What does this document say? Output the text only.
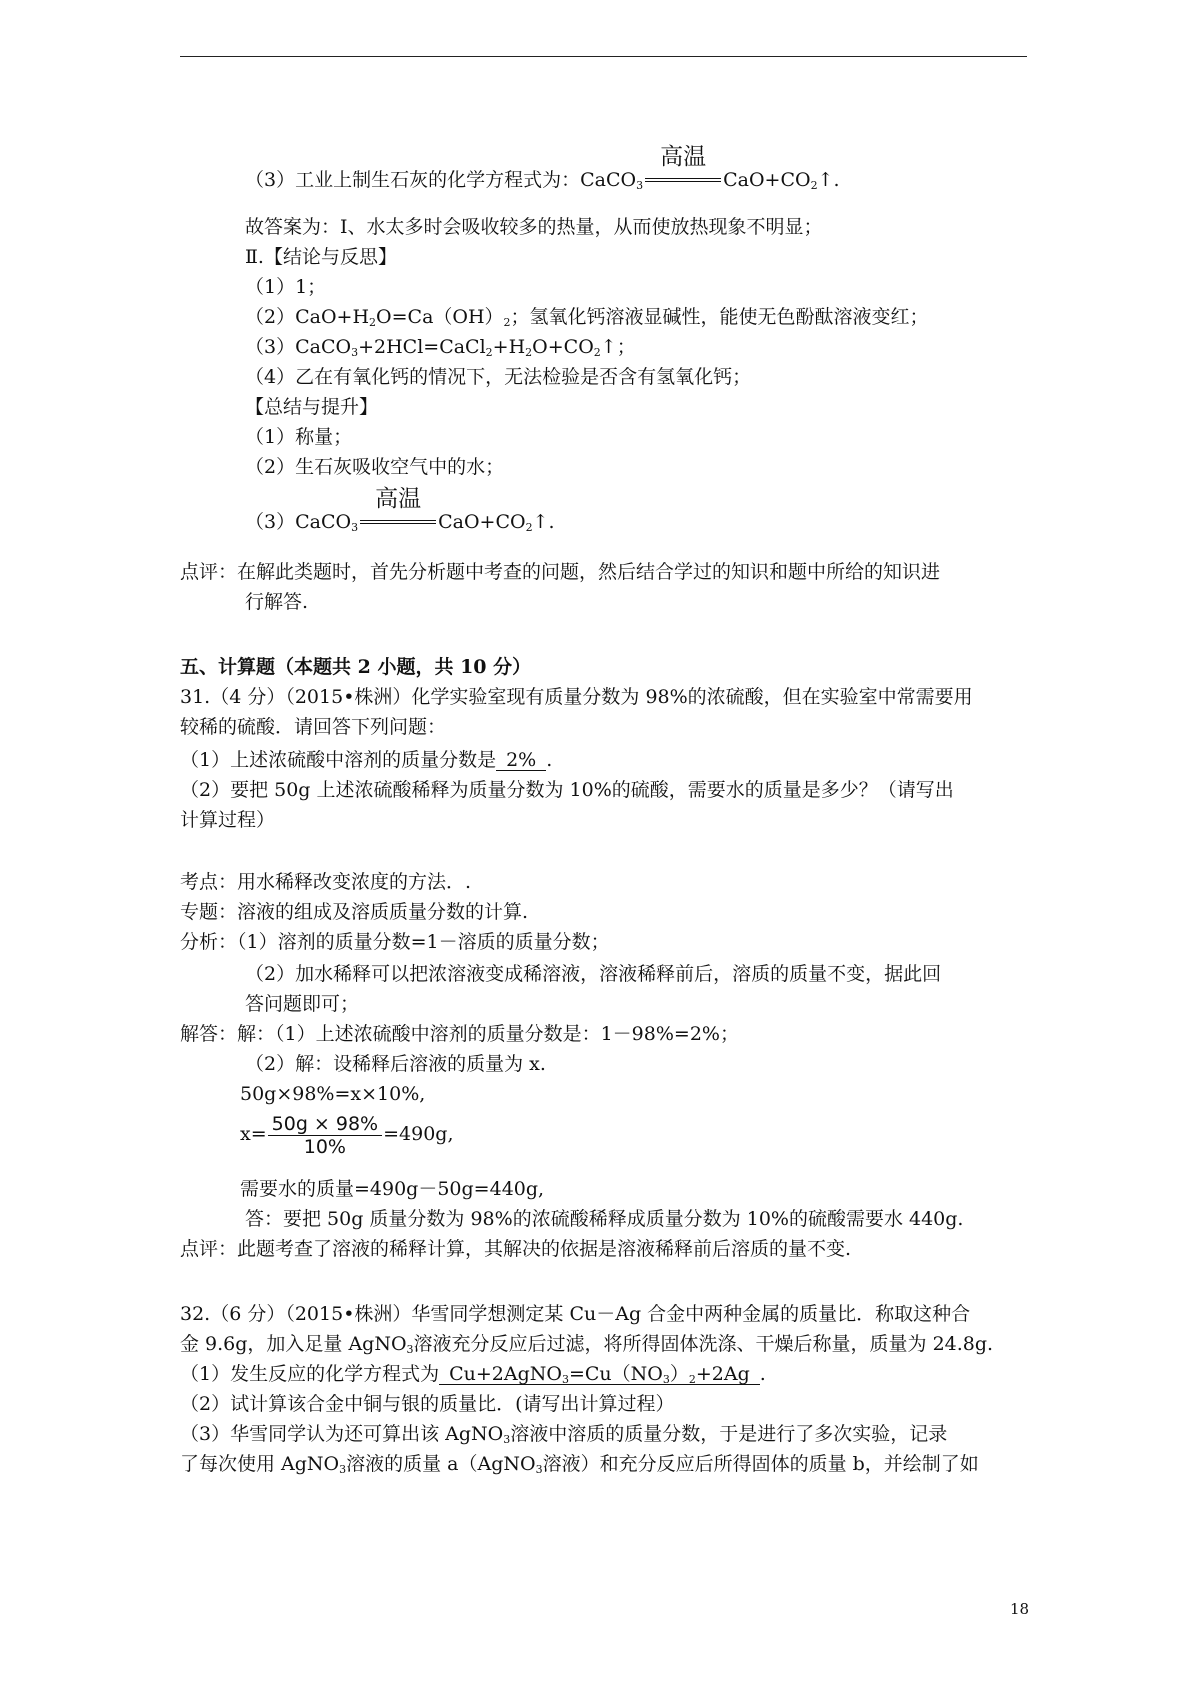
（3）工业上制生石灰的化学方程式为：CaCO$_3$
高温
$CaO+CO_2↑$.
故答案为：Ⅰ、水太多时会吸收较多的热量，从而使放热现象不明显；
Ⅱ.【结论与反思】
（1）1；
$(2)CaO+H_2O=Ca(OH)_2$；氢氧化钙溶液显碱性，能使无色酚酞溶液变红；
$(3)CaCO_3+2HCl=CaCl_2+H_2O+CO_2↑$；
（4）乙在有氧化钙的情况下，无法检验是否含有氢氧化钙；
【总结与提升】
（1）称量；
（2）生石灰吸收空气中的水；
（3）CaCO$_3$
高温
$CaO+CO_2↑$.
点评：在解此类题时，首先分析题中考查的问题，然后结合学过的知识和题中所给的知识进
行解答.
五、计算题（本题共 2 小题，共 10 分）
31.（4 分）（2015•株洲）化学实验室现有质量分数为 98%的浓硫酸，但在实验室中常需要用
较稀的硫酸．请回答下列问题：
（1）上述浓硫酸中溶剂的质量分数是 2% .
（2）要把 50g 上述浓硫酸稀释为质量分数为 10%的硫酸，需要水的质量是多少？（请写出
计算过程）
考点：用水稀释改变浓度的方法．.
专题：溶液的组成及溶质质量分数的计算.
分析：（1）溶剂的质量分数=1－溶质的质量分数；
（2）加水稀释可以把浓溶液变成稀溶液，溶液稀释前后，溶质的质量不变，据此回
答问题即可；
解答：解：（1）上述浓硫酸中溶剂的质量分数是：1－98%=2%；
（2）解：设稀释后溶液的质量为 x.
50g×98%=x×10%,
$x= \frac{50g \times 98\%}{10\%} =490g$,
需要水的质量=490g－50g=440g,
答：要把 50g 质量分数为 98%的浓硫酸稀释成质量分数为 10%的硫酸需要水 440g.
点评：此题考查了溶液的稀释计算，其解决的依据是溶液稀释前后溶质的量不变.
32.（6 分）（2015•株洲）华雪同学想测定某 Cu－Ag 合金中两种金属的质量比．称取这种合
金 9.6g，加入足量 AgNO$_3$溶液充分反应后过滤，将所得固体洗涤、干燥后称量，质量为 24.8g.
（1）发生反应的化学方程式为 $Cu+2AgNO_3=Cu(NO_3)_2+2Ag$ .
（2）试计算该合金中铜与银的质量比．(请写出计算过程）
（3）华雪同学认为还可算出该 AgNO$_3$溶液中溶质的质量分数，于是进行了多次实验，记录
了每次使用 AgNO$_3$溶液的质量 a（AgNO$_3$溶液）和充分反应后所得固体的质量 b，并绘制了如
18
